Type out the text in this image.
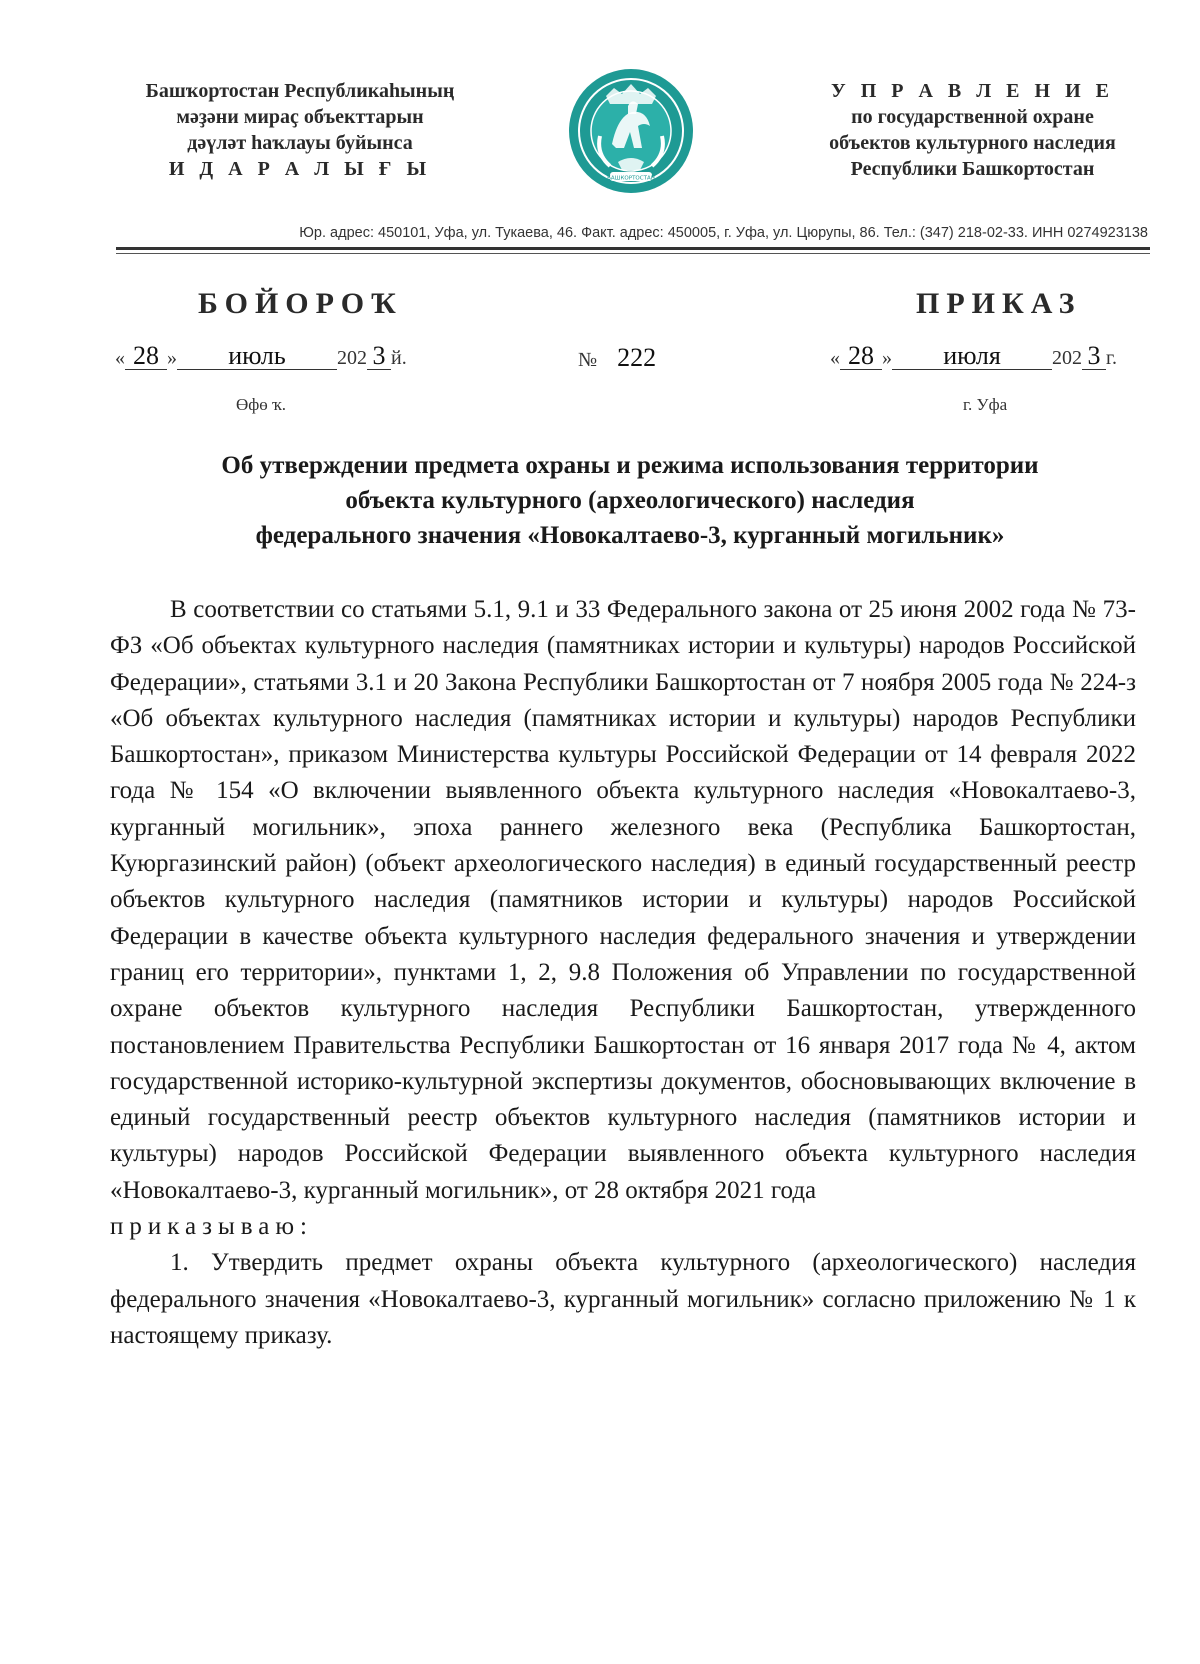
Башҡортостан Республикаһының
мәҙәни мираҫ объекттарын
дәүләт һаҡлауы буйынса
И Д А Р А Л Ы Ғ Ы	БАШКОРТОСТАН
У П Р А В Л Е Н И Е
по государственной охране
объектов культурного наследия
Республики Башкортостан
Юр. адрес: 450101, Уфа, ул. Тукаева, 46. Факт. адрес: 450005, г. Уфа, ул. Цюрупы, 86. Тел.: (347) 218-02-33. ИНН 0274923138
БОЙОРОҠ	ПРИКАЗ
« 28 » июль	202 3 й.	№ 222	« 28 » июля	202 3 г.
Өфө ҡ.	г. Уфа
Об утверждении предмета охраны и режима использования территории
объекта культурного (археологического) наследия
федерального значения «Новокалтаево-3, курганный могильник»

В соответствии со статьями 5.1, 9.1 и 33 Федерального закона от 25 июня 2002 года № 73-ФЗ «Об объектах культурного наследия (памятниках истории и культуры) народов Российской Федерации», статьями 3.1 и 20 Закона Республики Башкортостан от 7 ноября 2005 года № 224-з «Об объектах культурного наследия (памятниках истории и культуры) народов Республики Башкортостан», приказом Министерства культуры Российской Федерации от 14 февраля 2022 года № 154 «О включении выявленного объекта культурного наследия «Новокалтаево-3, курганный могильник», эпоха раннего железного века (Республика Башкортостан, Куюргазинский район) (объект археологического наследия) в единый государственный реестр объектов культурного наследия (памятников истории и культуры) народов Российской Федерации в качестве объекта культурного наследия федерального значения и утверждении границ его территории», пунктами 1, 2, 9.8 Положения об Управлении по государственной охране объектов культурного наследия Республики Башкортостан, утвержденного постановлением Правительства Республики Башкортостан от 16 января 2017 года № 4, актом государственной историко-культурной экспертизы документов, обосновывающих включение в единый государственный реестр объектов культурного наследия (памятников истории и культуры) народов Российской Федерации выявленного объекта культурного наследия «Новокалтаево-3, курганный могильник», от 28 октября 2021 года

приказываю:

1. Утвердить предмет охраны объекта культурного (археологического) наследия федерального значения «Новокалтаево-3, курганный могильник» согласно приложению № 1 к настоящему приказу.
